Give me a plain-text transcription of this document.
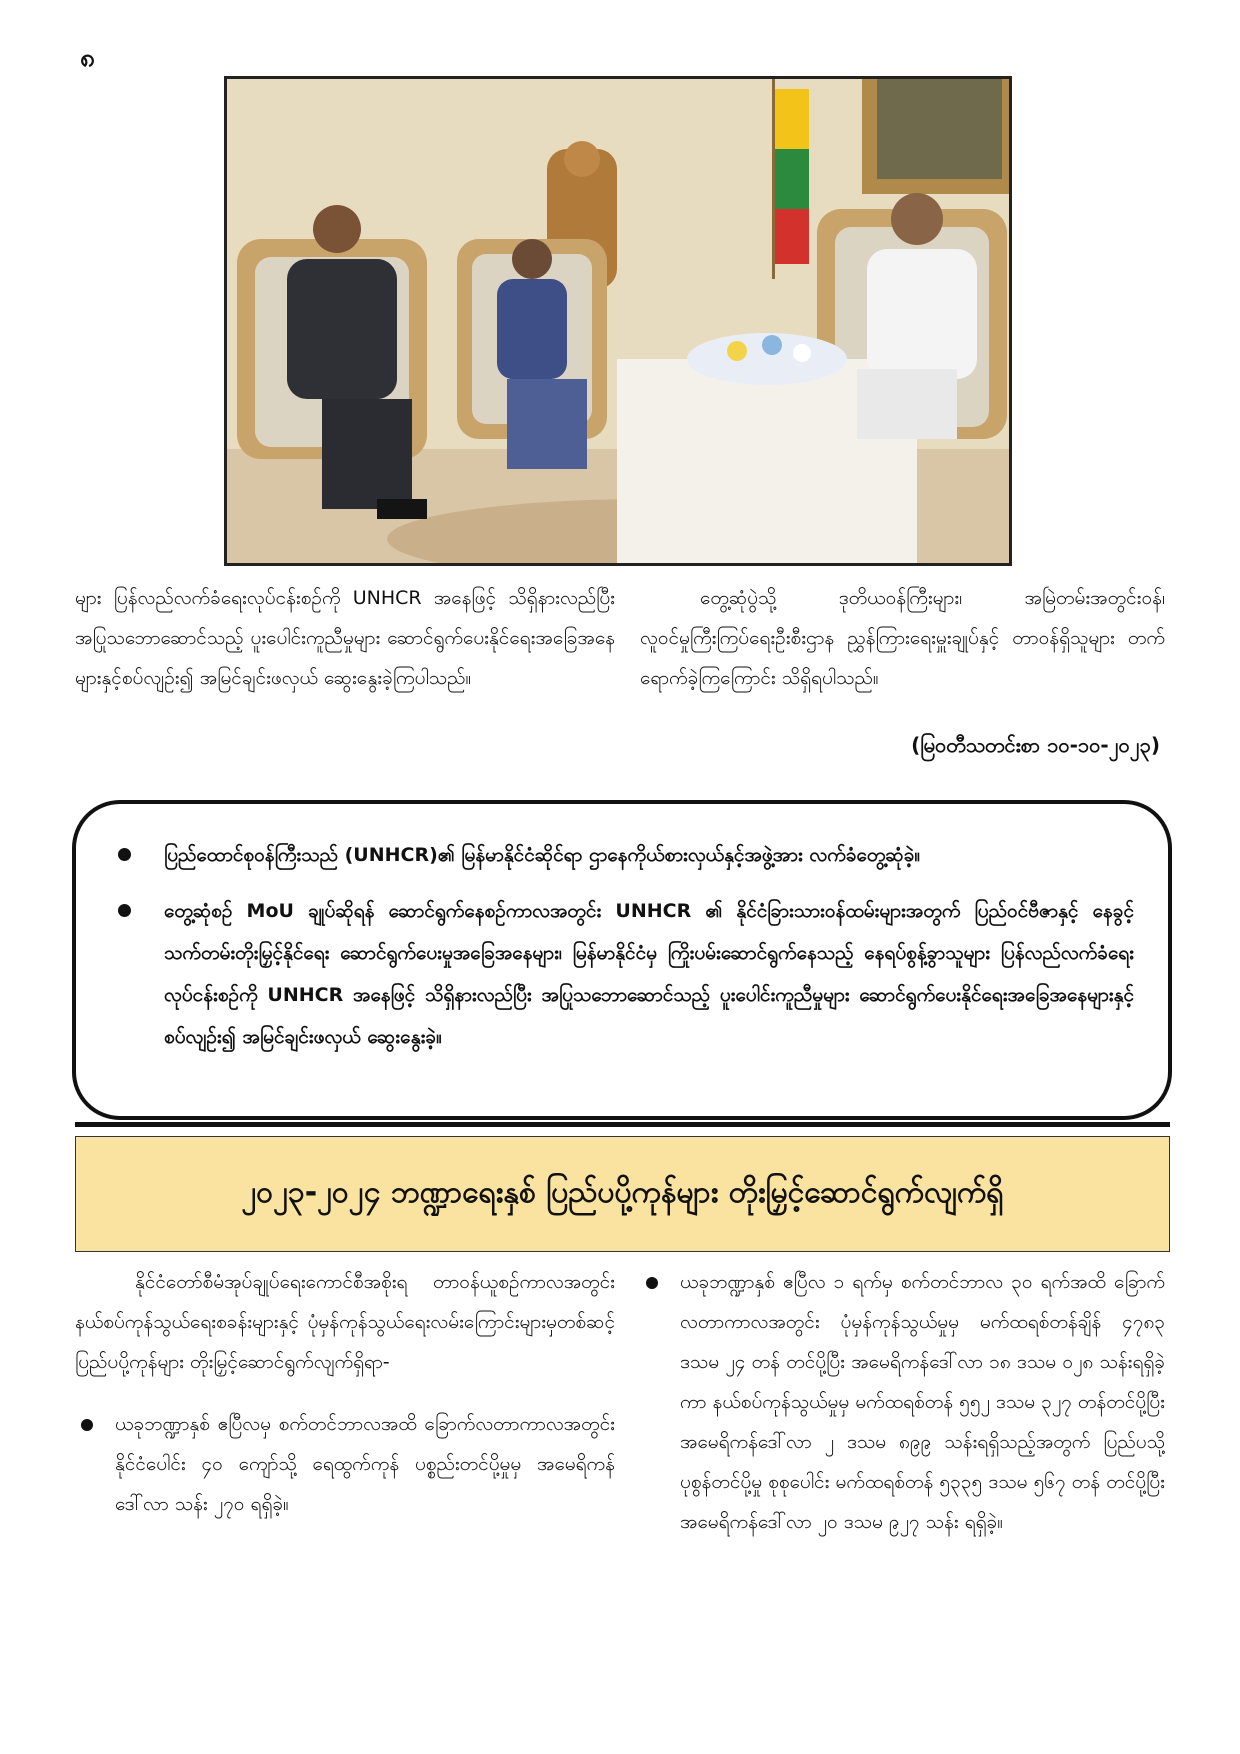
၈

များ ပြန်လည်လက်ခံရေးလုပ်ငန်းစဉ်ကို UNHCR အနေဖြင့် သိရှိနားလည်ပြီး အပြုသဘောဆောင်သည့် ပူးပေါင်းကူညီမှုများ ဆောင်ရွက်ပေးနိုင်ရေးအခြေအနေများနှင့်စပ်လျဉ်း၍ အမြင်ချင်းဖလှယ် ဆွေးနွေးခဲ့ကြပါသည်။

တွေ့ဆုံပွဲသို့ ဒုတိယဝန်ကြီးများ၊ အမြဲတမ်းအတွင်းဝန်၊ လူဝင်မှုကြီးကြပ်ရေးဦးစီးဌာန ညွှန်ကြားရေးမှူးချုပ်နှင့် တာဝန်ရှိသူများ တက်ရောက်ခဲ့ကြကြောင်း သိရှိရပါသည်။

(မြဝတီသတင်းစာ ၁၀-၁၀-၂၀၂၃)
ပြည်ထောင်စုဝန်ကြီးသည် (UNHCR)၏ မြန်မာနိုင်ငံဆိုင်ရာ ဌာနေကိုယ်စားလှယ်နှင့်အဖွဲ့အား လက်ခံတွေ့ဆုံခဲ့။
တွေ့ဆုံစဉ် MoU ချုပ်ဆိုရန် ဆောင်ရွက်နေစဉ်ကာလအတွင်း UNHCR ၏ နိုင်ငံခြားသားဝန်ထမ်းများအတွက် ပြည်ဝင်ဗီဇာနှင့် နေခွင့်သက်တမ်းတိုးမြှင့်နိုင်ရေး ဆောင်ရွက်ပေးမှုအခြေအနေများ၊ မြန်မာနိုင်ငံမှ ကြိုးပမ်းဆောင်ရွက်နေသည့် နေရပ်စွန့်ခွာသူများ ပြန်လည်လက်ခံရေးလုပ်ငန်းစဉ်ကို UNHCR အနေဖြင့် သိရှိနားလည်ပြီး အပြုသဘောဆောင်သည့် ပူးပေါင်းကူညီမှုများ ဆောင်ရွက်ပေးနိုင်ရေးအခြေအနေများနှင့်စပ်လျဉ်း၍ အမြင်ချင်းဖလှယ် ဆွေးနွေးခဲ့။
၂၀၂၃-၂၀၂၄ ဘဏ္ဍာရေးနှစ် ပြည်ပပို့ကုန်များ တိုးမြှင့်ဆောင်ရွက်လျက်ရှိ

နိုင်ငံတော်စီမံအုပ်ချုပ်ရေးကောင်စီအစိုးရ တာဝန်ယူစဉ်ကာလအတွင်း နယ်စပ်ကုန်သွယ်ရေးစခန်းများနှင့် ပုံမှန်ကုန်သွယ်ရေးလမ်းကြောင်းများမှတစ်ဆင့် ပြည်ပပို့ကုန်များ တိုးမြှင့်ဆောင်ရွက်လျက်ရှိရာ-

ယခုဘဏ္ဍာနှစ် ဧပြီလမှ စက်တင်ဘာလအထိ ခြောက်လတာကာလအတွင်း နိုင်ငံပေါင်း ၄၀ ကျော်သို့ ရေထွက်ကုန် ပစ္စည်းတင်ပို့မှုမှ အမေရိကန်ဒေါ်လာ သန်း ၂၇၀ ရရှိခဲ့။

ယခုဘဏ္ဍာနှစ် ဧပြီလ ၁ ရက်မှ စက်တင်ဘာလ ၃၀ ရက်အထိ ခြောက်လတာကာလအတွင်း ပုံမှန်ကုန်သွယ်မှုမှ မက်ထရစ်တန်ချိန် ၄၇၈၃ ဒသမ ၂၄ တန် တင်ပို့ပြီး အမေရိကန်ဒေါ်လာ ၁၈ ဒသမ ၀၂၈ သန်းရရှိခဲ့ကာ နယ်စပ်ကုန်သွယ်မှုမှ မက်ထရစ်တန် ၅၅၂ ဒသမ ၃၂၇ တန်တင်ပို့ပြီး အမေရိကန်ဒေါ်လာ ၂ ဒသမ ၈၉၉ သန်းရရှိသည့်အတွက် ပြည်ပသို့ ပုစွန်တင်ပို့မှု စုစုပေါင်း မက်ထရစ်တန် ၅၃၃၅ ဒသမ ၅၆၇ တန် တင်ပို့ပြီး အမေရိကန်ဒေါ်လာ ၂၀ ဒသမ ၉၂၇ သန်း ရရှိခဲ့။
